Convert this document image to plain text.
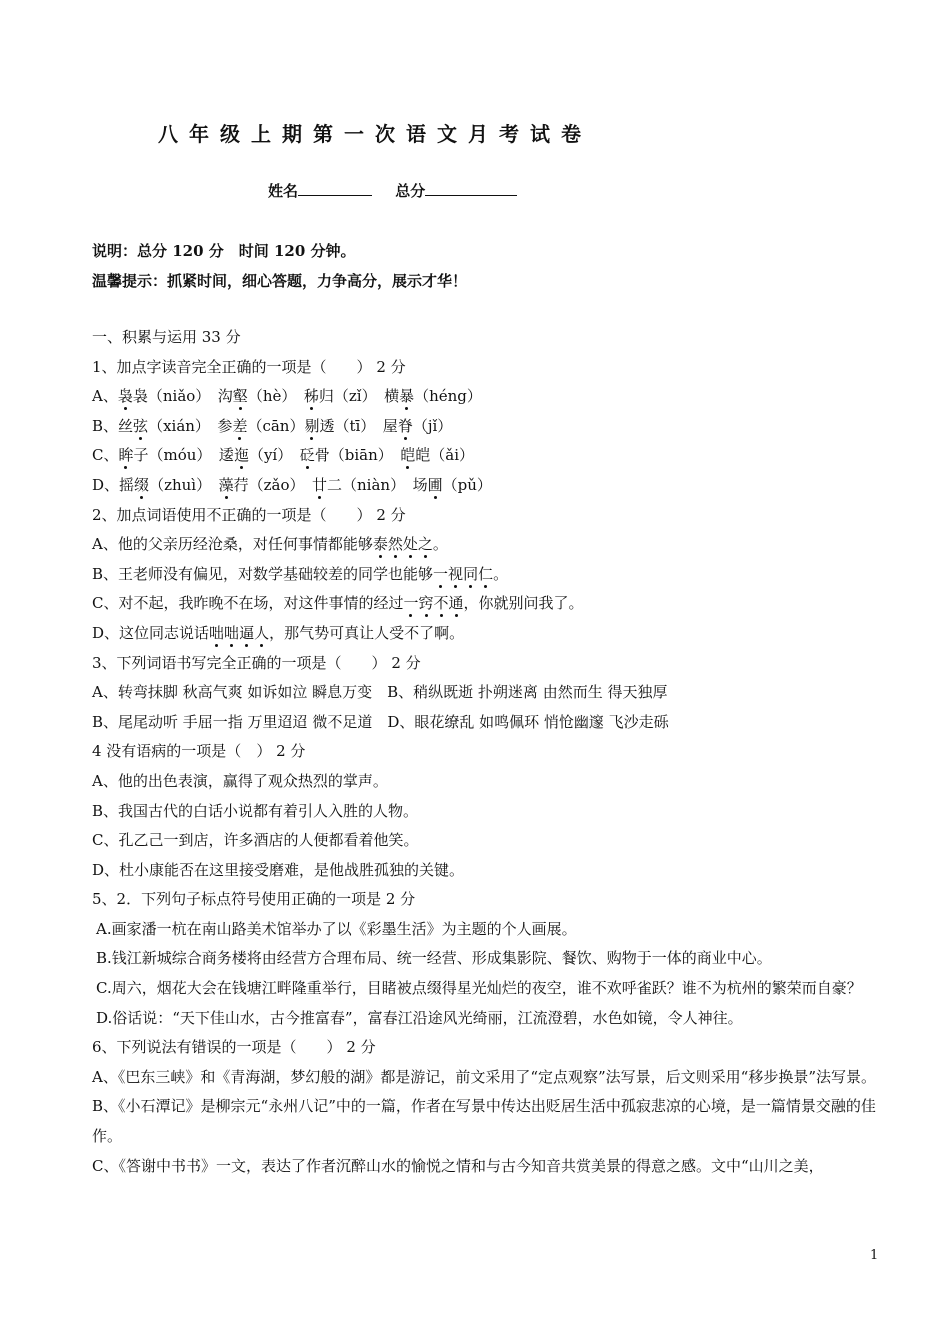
八年级上期第一次语文月考试卷
姓名	总分
说明：总分 120 分　时间 120 分钟。
温馨提示：抓紧时间，细心答题，力争高分，展示才华！
一、积累与运用 33 分
1、加点字读音完全正确的一项是（　　） 2 分
A、袅袅（niǎo）　沟壑（hè）　秭归（zǐ）　横暴（héng）
B、丝弦（xián）　参差（cān）剔透（tī）　屋脊（jǐ）
C、眸子（móu）　逶迤（yí）　砭骨（biān）　皑皑（ǎi）
D、摇缀（zhuì）　藻荇（zǎo）　廿二（niàn）　场圃（pǔ）
2、加点词语使用不正确的一项是（　　） 2 分
A、他的父亲历经沧桑，对任何事情都能够泰然处之。
B、王老师没有偏见，对数学基础较差的同学也能够一视同仁。
C、对不起，我昨晚不在场，对这件事情的经过一窍不通，你就别问我了。
D、这位同志说话咄咄逼人，那气势可真让人受不了啊。
3、下列词语书写完全正确的一项是（　　） 2 分
A、转弯抹脚 秋高气爽 如诉如泣 瞬息万变　B、稍纵既逝 扑朔迷离 由然而生 得天独厚
B、尾尾动听 手屈一指 万里迢迢 微不足道　D、眼花缭乱 如鸣佩环 悄怆幽邃 飞沙走砾
4 没有语病的一项是（　） 2 分
A、他的出色表演，赢得了观众热烈的掌声。
B、我国古代的白话小说都有着引人入胜的人物。
C、孔乙己一到店，许多酒店的人便都看着他笑。
D、杜小康能否在这里接受磨难，是他战胜孤独的关键。
5、2．下列句子标点符号使用正确的一项是 2 分
A.画家潘一杭在南山路美术馆举办了以《彩墨生活》为主题的个人画展。
B.钱江新城综合商务楼将由经营方合理布局、统一经营、形成集影院、餐饮、购物于一体的商业中心。
C.周六，烟花大会在钱塘江畔隆重举行，目睹被点缀得星光灿烂的夜空，谁不欢呼雀跃？谁不为杭州的繁荣而自豪？
D.俗话说：“天下佳山水，古今推富春”，富春江沿途风光绮丽，江流澄碧，水色如镜，令人神往。
6、下列说法有错误的一项是（　　） 2 分
A、《巴东三峡》和《青海湖，梦幻般的湖》都是游记，前文采用了“定点观察”法写景，后文则采用“移步换景”法写景。
B、《小石潭记》是柳宗元“永州八记”中的一篇，作者在写景中传达出贬居生活中孤寂悲凉的心境，是一篇情景交融的佳作。
C、《答谢中书书》一文，表达了作者沉醉山水的愉悦之情和与古今知音共赏美景的得意之感。文中“山川之美，
1
